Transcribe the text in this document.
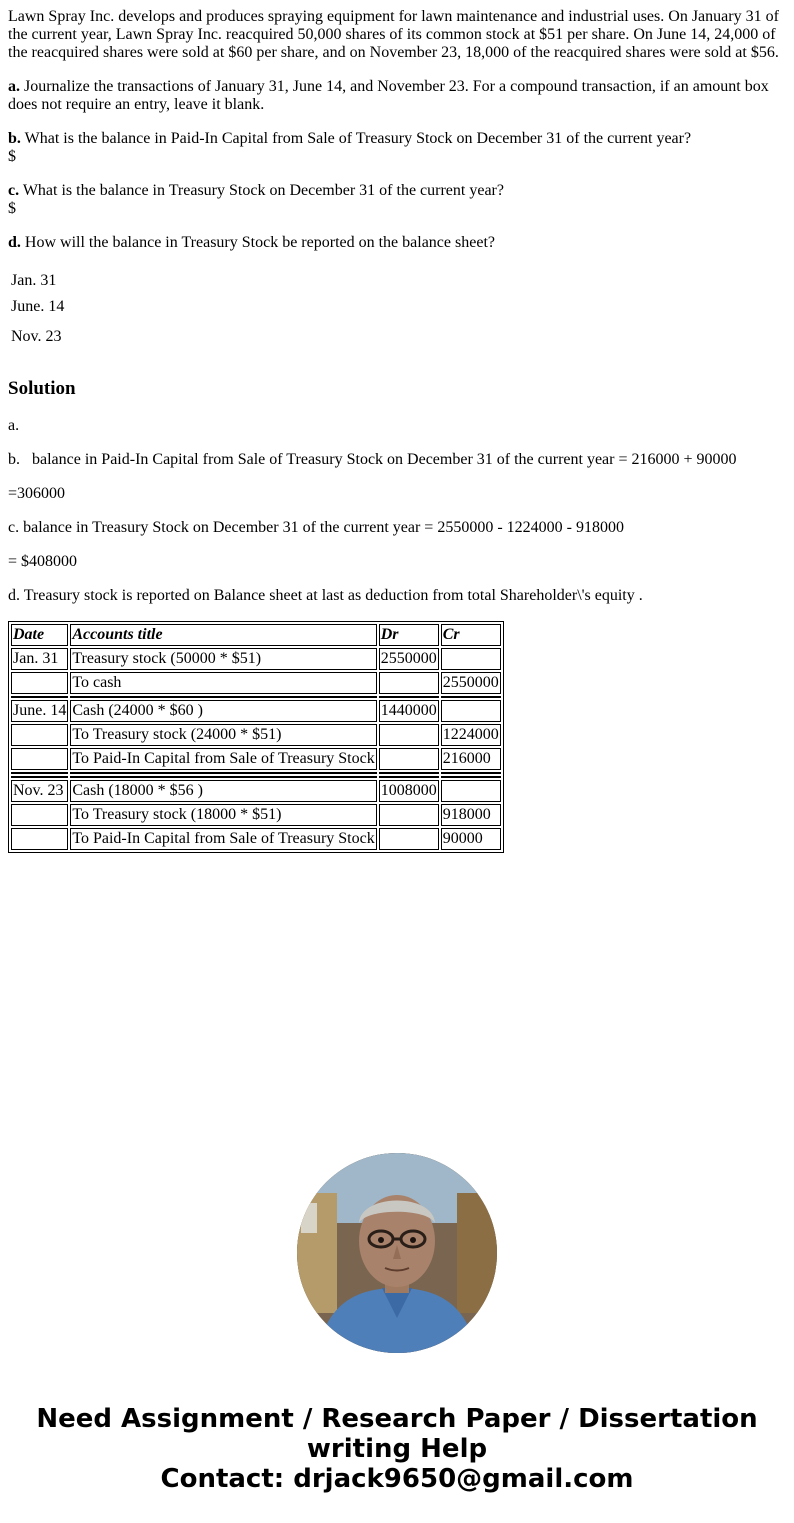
Lawn Spray Inc. develops and produces spraying equipment for lawn maintenance and industrial uses. On January 31 of the current year, Lawn Spray Inc. reacquired 50,000 shares of its common stock at $51 per share. On June 14, 24,000 of the reacquired shares were sold at $60 per share, and on November 23, 18,000 of the reacquired shares were sold at $56.

a. Journalize the transactions of January 31, June 14, and November 23. For a compound transaction, if an amount box does not require an entry, leave it blank.

b. What is the balance in Paid-In Capital from Sale of Treasury Stock on December 31 of the current year?
$

c. What is the balance in Treasury Stock on December 31 of the current year?
$

d. How will the balance in Treasury Stock be reported on the balance sheet?

Jan. 31
June. 14
Nov. 23
Solution

a.

b.   balance in Paid-In Capital from Sale of Treasury Stock on December 31 of the current year = 216000 + 90000

=306000

c. balance in Treasury Stock on December 31 of the current year = 2550000 - 1224000 - 918000

= $408000

d. Treasury stock is reported on Balance sheet at last as deduction from total Shareholder\'s equity .

Date	Accounts title	Dr	Cr
Jan. 31	Treasury stock (50000 * $51)	2550000	
	To cash		2550000

June. 14	Cash (24000 * $60 )	1440000	
	To Treasury stock (24000 * $51)		1224000
	To Paid-In Capital from Sale of Treasury Stock		216000

Nov. 23	Cash (18000 * $56 )	1008000	
	To Treasury stock (18000 * $51)		918000
	To Paid-In Capital from Sale of Treasury Stock		90000
Need Assignment / Research Paper / Dissertation
writing Help
Contact: drjack9650@gmail.com
